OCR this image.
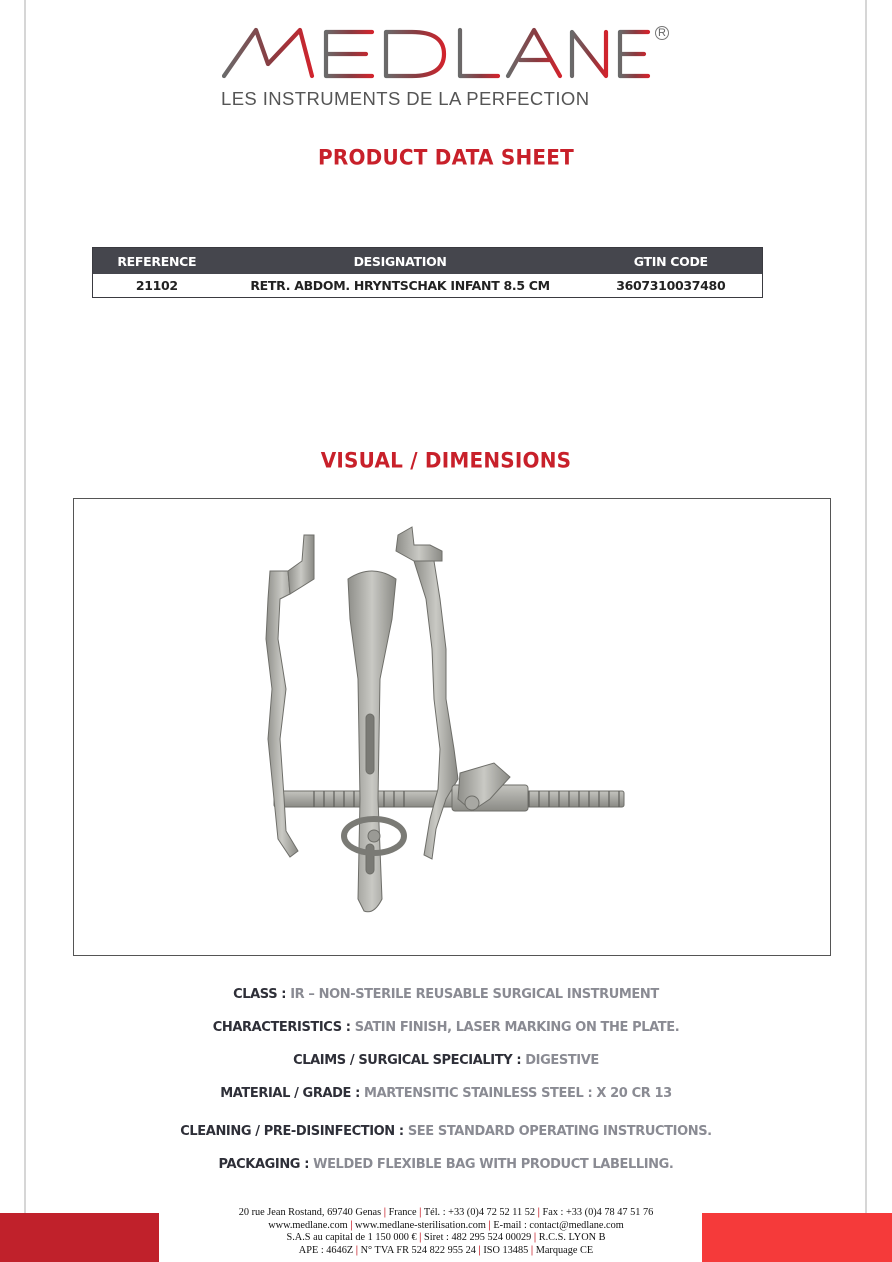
R
LES INSTRUMENTS DE LA PERFECTION
PRODUCT DATA SHEET
REFERENCE	DESIGNATION	GTIN CODE
21102	RETR. ABDOM. HRYNTSCHAK INFANT 8.5 CM	3607310037480
VISUAL / DIMENSIONS
CLASS : IR – NON-STERILE REUSABLE SURGICAL INSTRUMENT
CHARACTERISTICS : SATIN FINISH, LASER MARKING ON THE PLATE.
CLAIMS / SURGICAL SPECIALITY : DIGESTIVE
MATERIAL / GRADE : MARTENSITIC STAINLESS STEEL : X 20 CR 13
CLEANING / PRE-DISINFECTION : SEE STANDARD OPERATING INSTRUCTIONS.
PACKAGING : WELDED FLEXIBLE BAG WITH PRODUCT LABELLING.
20 rue Jean Rostand, 69740 Genas | France | Tél. : +33 (0)4 72 52 11 52 | Fax : +33 (0)4 78 47 51 76
www.medlane.com | www.medlane-sterilisation.com | E-mail : contact@medlane.com
S.A.S au capital de 1 150 000 € | Siret : 482 295 524 00029 | R.C.S. LYON B
APE : 4646Z | N° TVA FR 524 822 955 24 | ISO 13485 | Marquage CE
